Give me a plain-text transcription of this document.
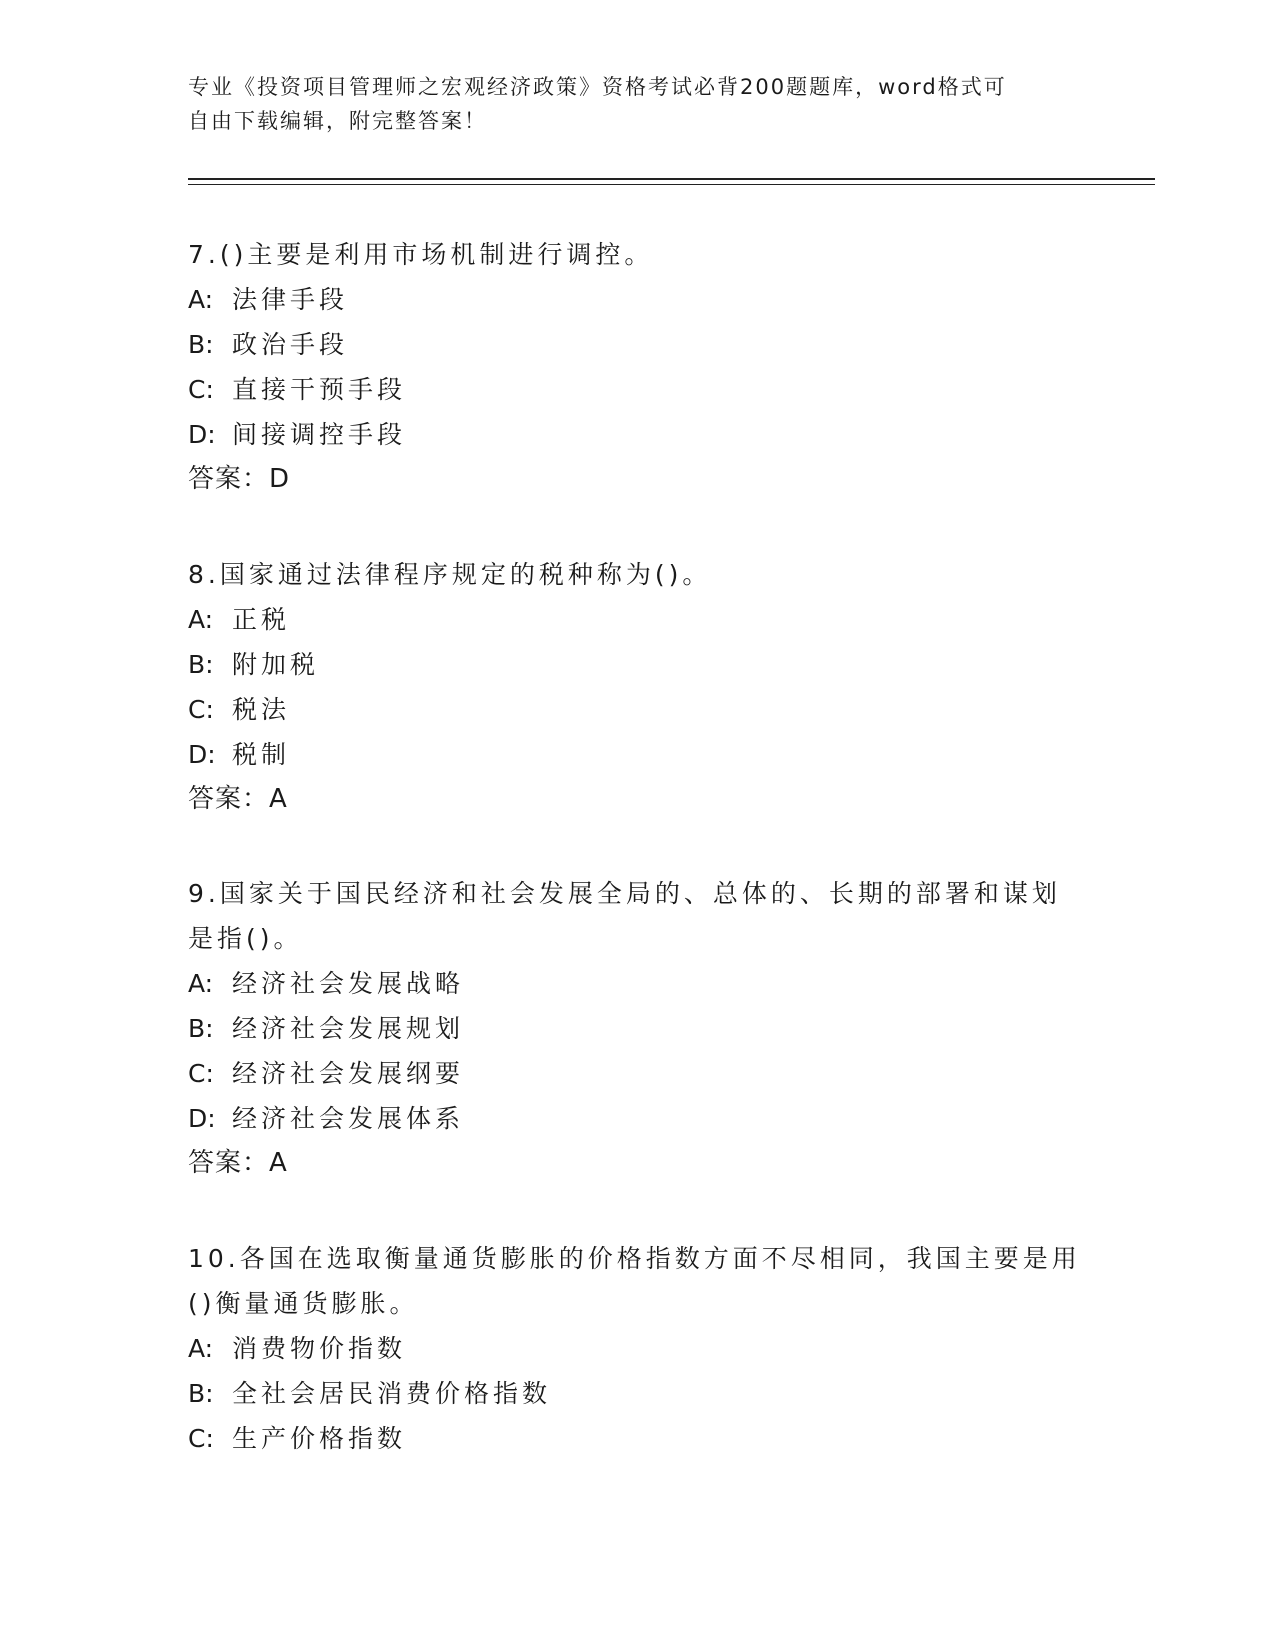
专业《投资项目管理师之宏观经济政策》资格考试必背200题题库，word格式可
自由下载编辑，附完整答案！
7.()主要是利用市场机制进行调控。
A: 法律手段
B: 政治手段
C: 直接干预手段
D: 间接调控手段
答案：D
8.国家通过法律程序规定的税种称为()。
A: 正税
B: 附加税
C: 税法
D: 税制
答案：A
9.国家关于国民经济和社会发展全局的、总体的、长期的部署和谋划
是指()。
A: 经济社会发展战略
B: 经济社会发展规划
C: 经济社会发展纲要
D: 经济社会发展体系
答案：A
10.各国在选取衡量通货膨胀的价格指数方面不尽相同，我国主要是用
()衡量通货膨胀。
A: 消费物价指数
B: 全社会居民消费价格指数
C: 生产价格指数
